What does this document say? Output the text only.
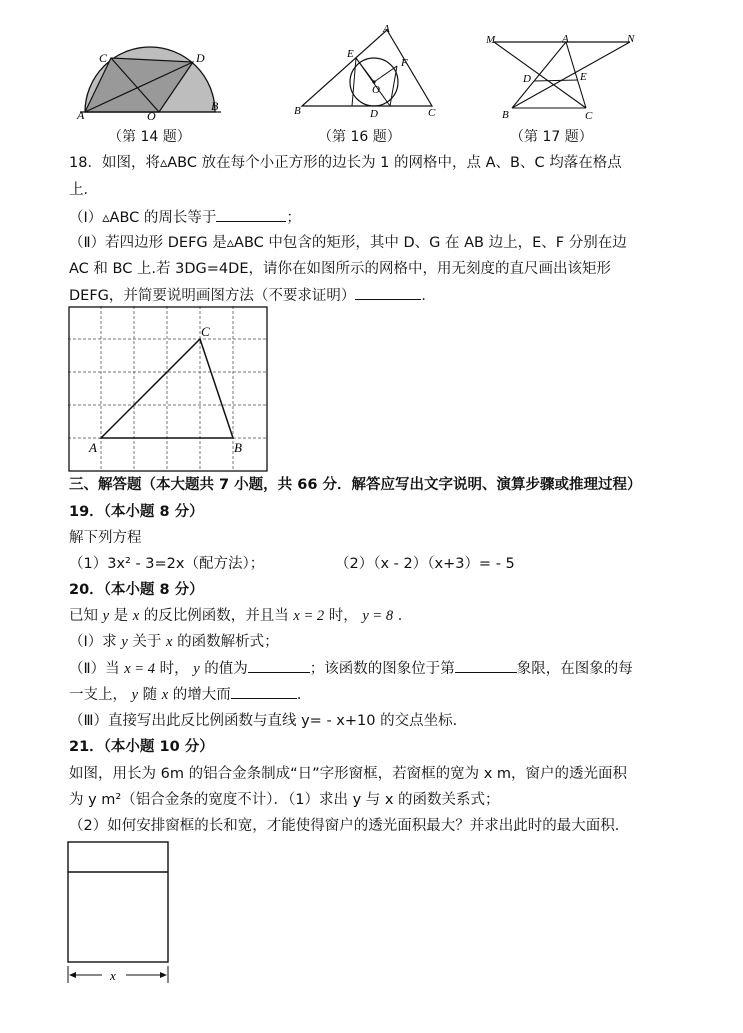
C	D
A	O
B
（第 14 题）
A
E
F
O
B	D	C
（第 16 题）
M	A	N
D	E
B	C
（第 17 题）
18．如图，将▵ABC 放在每个小正方形的边长为 1 的网格中，点 A、B、C 均落在格点
上．
（Ⅰ）▵ABC 的周长等于	；
（Ⅱ）若四边形 DEFG 是▵ABC 中包含的矩形，其中 D、G 在 AB 边上，E、F 分别在边
AC 和 BC 上.若 3DG=4DE，请你在如图所示的网格中，用无刻度的直尺画出该矩形
DEFG，并简要说明画图方法（不要求证明）	．
C
A	B
三、解答题（本大题共 7 小题，共 66 分．解答应写出文字说明、演算步骤或推理过程）
19．（本小题 8 分）
解下列方程
（1）3x² - 3=2x（配方法）；	（2）（x - 2）（x+3）= - 5
20．（本小题 8 分）
已知 y 是 x 的反比例函数，并且当 x = 2 时， y = 8 ．
（Ⅰ）求 y 关于 x 的函数解析式；
（Ⅱ）当 x = 4 时， y 的值为	；该函数的图象位于第	象限，在图象的每
一支上， y 随 x 的增大而	．
（Ⅲ）直接写出此反比例函数与直线 y= - x+10 的交点坐标.
21．（本小题 10 分）
如图，用长为 6m 的铝合金条制成“日”字形窗框，若窗框的宽为 x m，窗户的透光面积
为 y m²（铝合金条的宽度不计）．（1）求出 y 与 x 的函数关系式；
（2）如何安排窗框的长和宽，才能使得窗户的透光面积最大？并求出此时的最大面积．
x
